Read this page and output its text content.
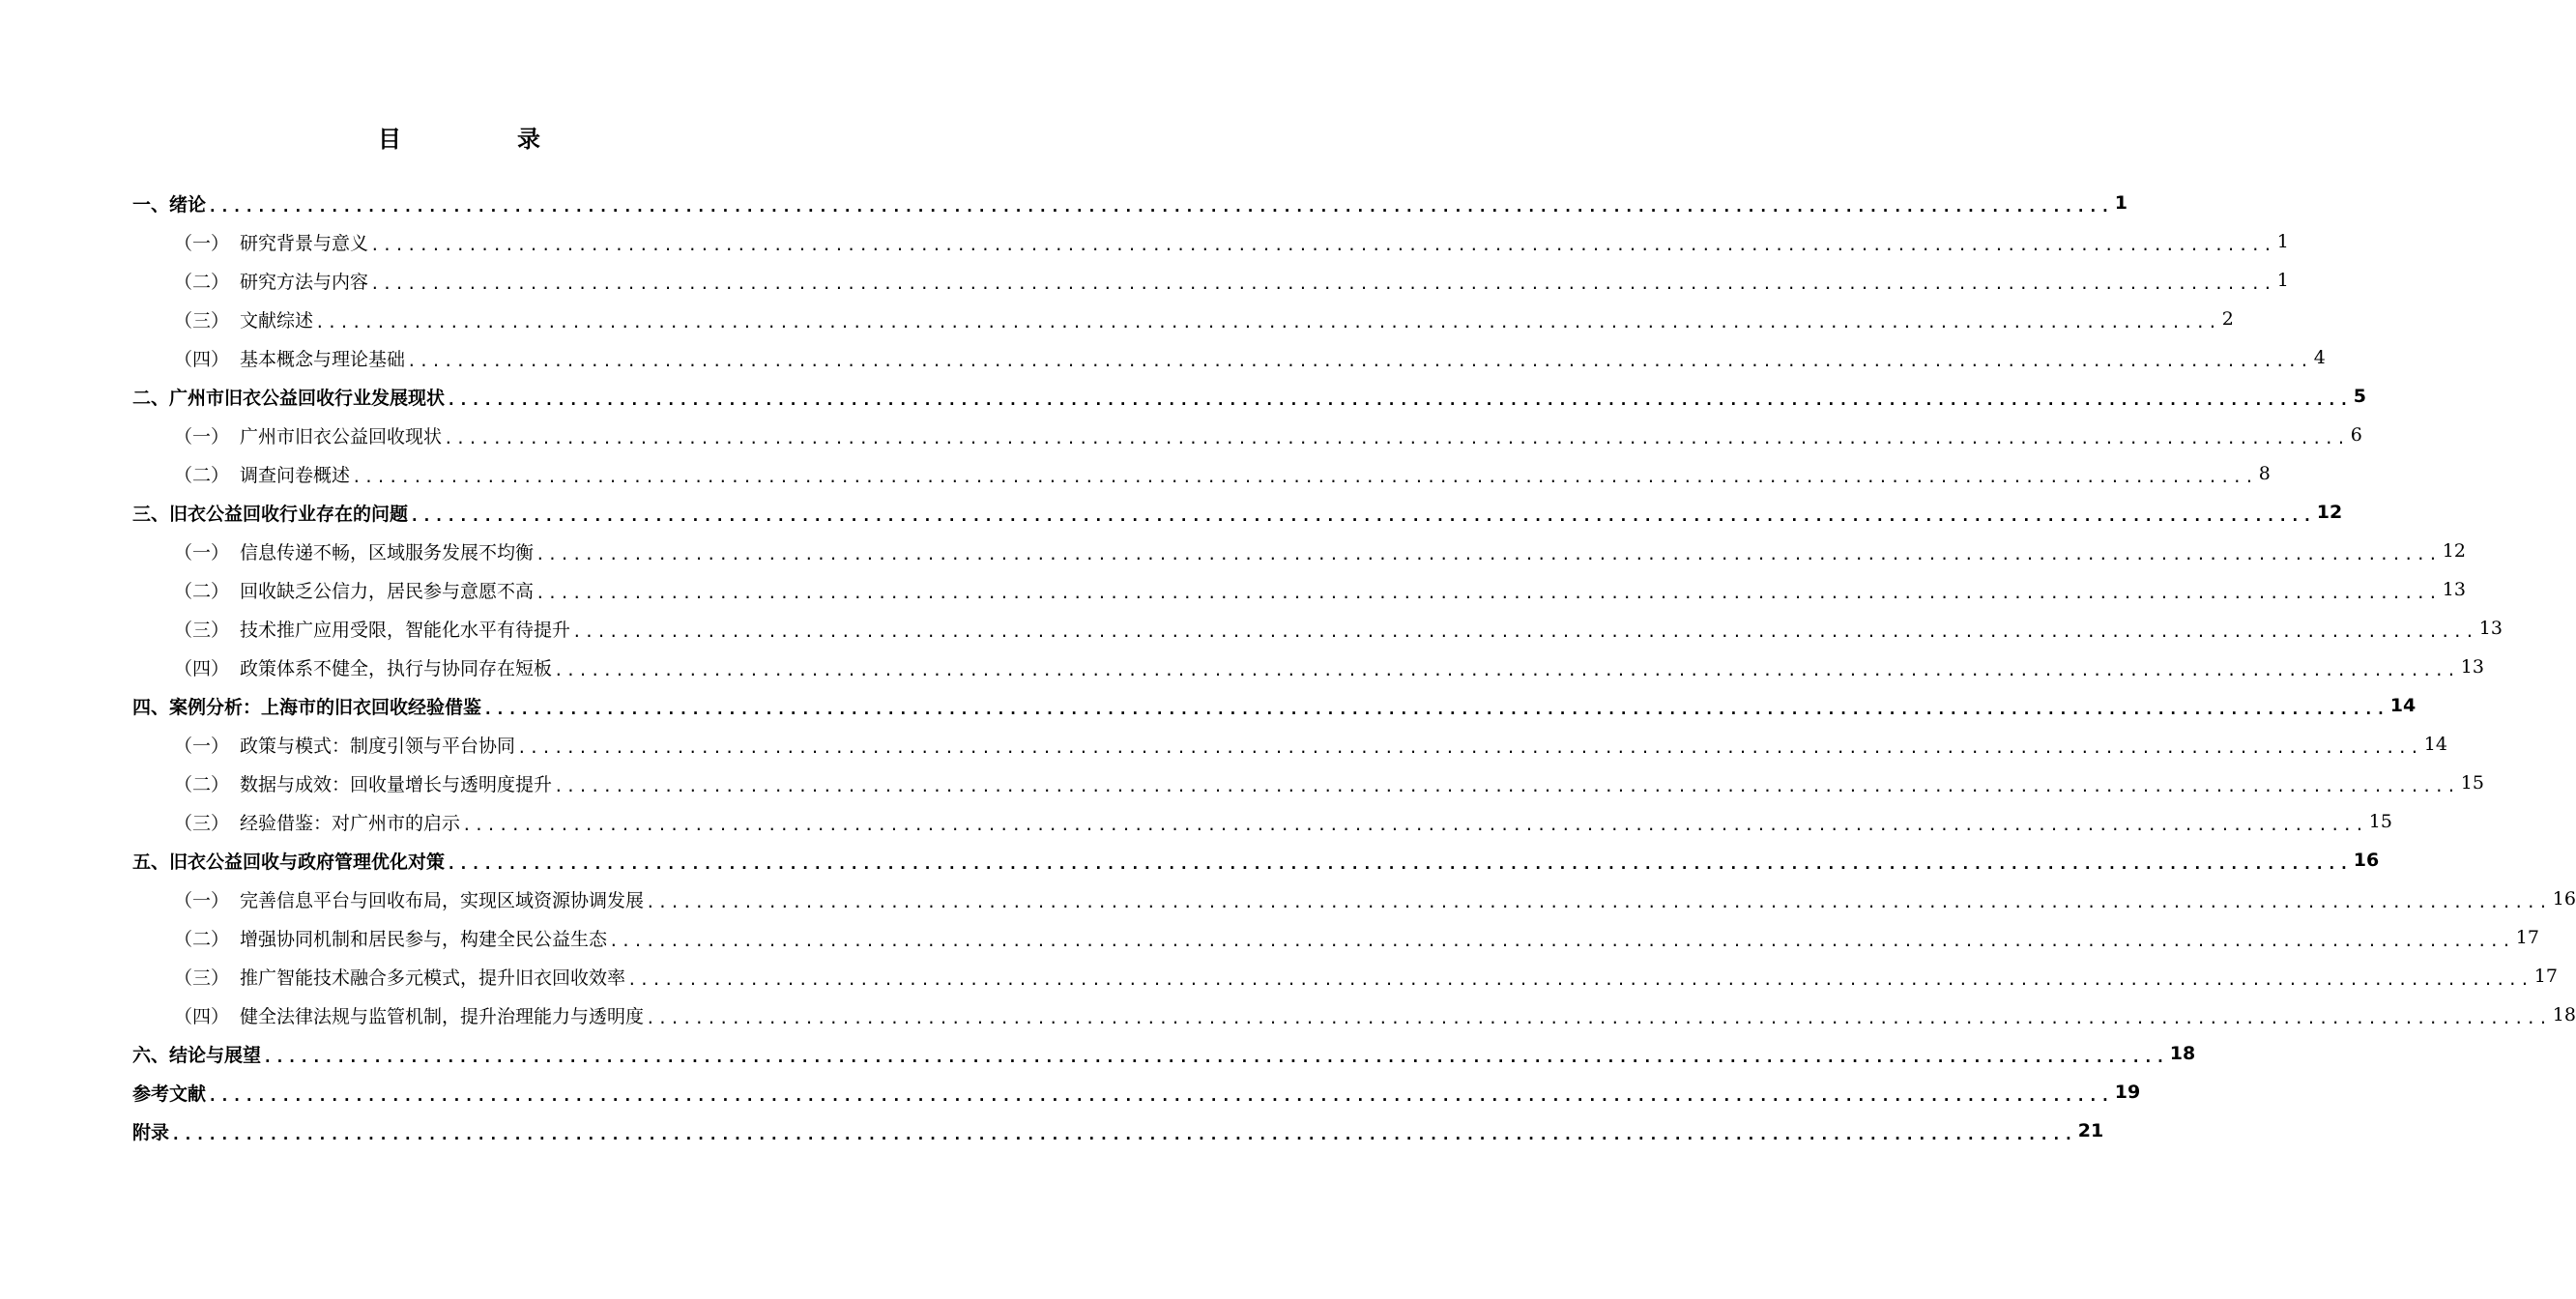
目　录
一、绪论 ............................................................................................................................................................ 1
（一） 研究背景与意义 ............................................................................................................................................................ 1
（二） 研究方法与内容 ............................................................................................................................................................ 1
（三） 文献综述 ............................................................................................................................................................ 2
（四） 基本概念与理论基础 ............................................................................................................................................................ 4
二、广州市旧衣公益回收行业发展现状 ............................................................................................................................................................ 5
（一） 广州市旧衣公益回收现状 ............................................................................................................................................................ 6
（二） 调查问卷概述 ............................................................................................................................................................ 8
三、旧衣公益回收行业存在的问题 ............................................................................................................................................................ 12
（一） 信息传递不畅，区域服务发展不均衡 ............................................................................................................................................................ 12
（二） 回收缺乏公信力，居民参与意愿不高 ............................................................................................................................................................ 13
（三） 技术推广应用受限，智能化水平有待提升 ............................................................................................................................................................ 13
（四） 政策体系不健全，执行与协同存在短板 ............................................................................................................................................................ 13
四、案例分析：上海市的旧衣回收经验借鉴 ............................................................................................................................................................ 14
（一） 政策与模式：制度引领与平台协同 ............................................................................................................................................................ 14
（二） 数据与成效：回收量增长与透明度提升 ............................................................................................................................................................ 15
（三） 经验借鉴：对广州市的启示 ............................................................................................................................................................ 15
五、旧衣公益回收与政府管理优化对策 ............................................................................................................................................................ 16
（一） 完善信息平台与回收布局，实现区域资源协调发展 ............................................................................................................................................................ 16
（二） 增强协同机制和居民参与，构建全民公益生态 ............................................................................................................................................................ 17
（三） 推广智能技术融合多元模式，提升旧衣回收效率 ............................................................................................................................................................ 17
（四） 健全法律法规与监管机制，提升治理能力与透明度 ............................................................................................................................................................ 18
六、结论与展望 ............................................................................................................................................................ 18
参考文献 ............................................................................................................................................................ 19
附录 ............................................................................................................................................................ 21
